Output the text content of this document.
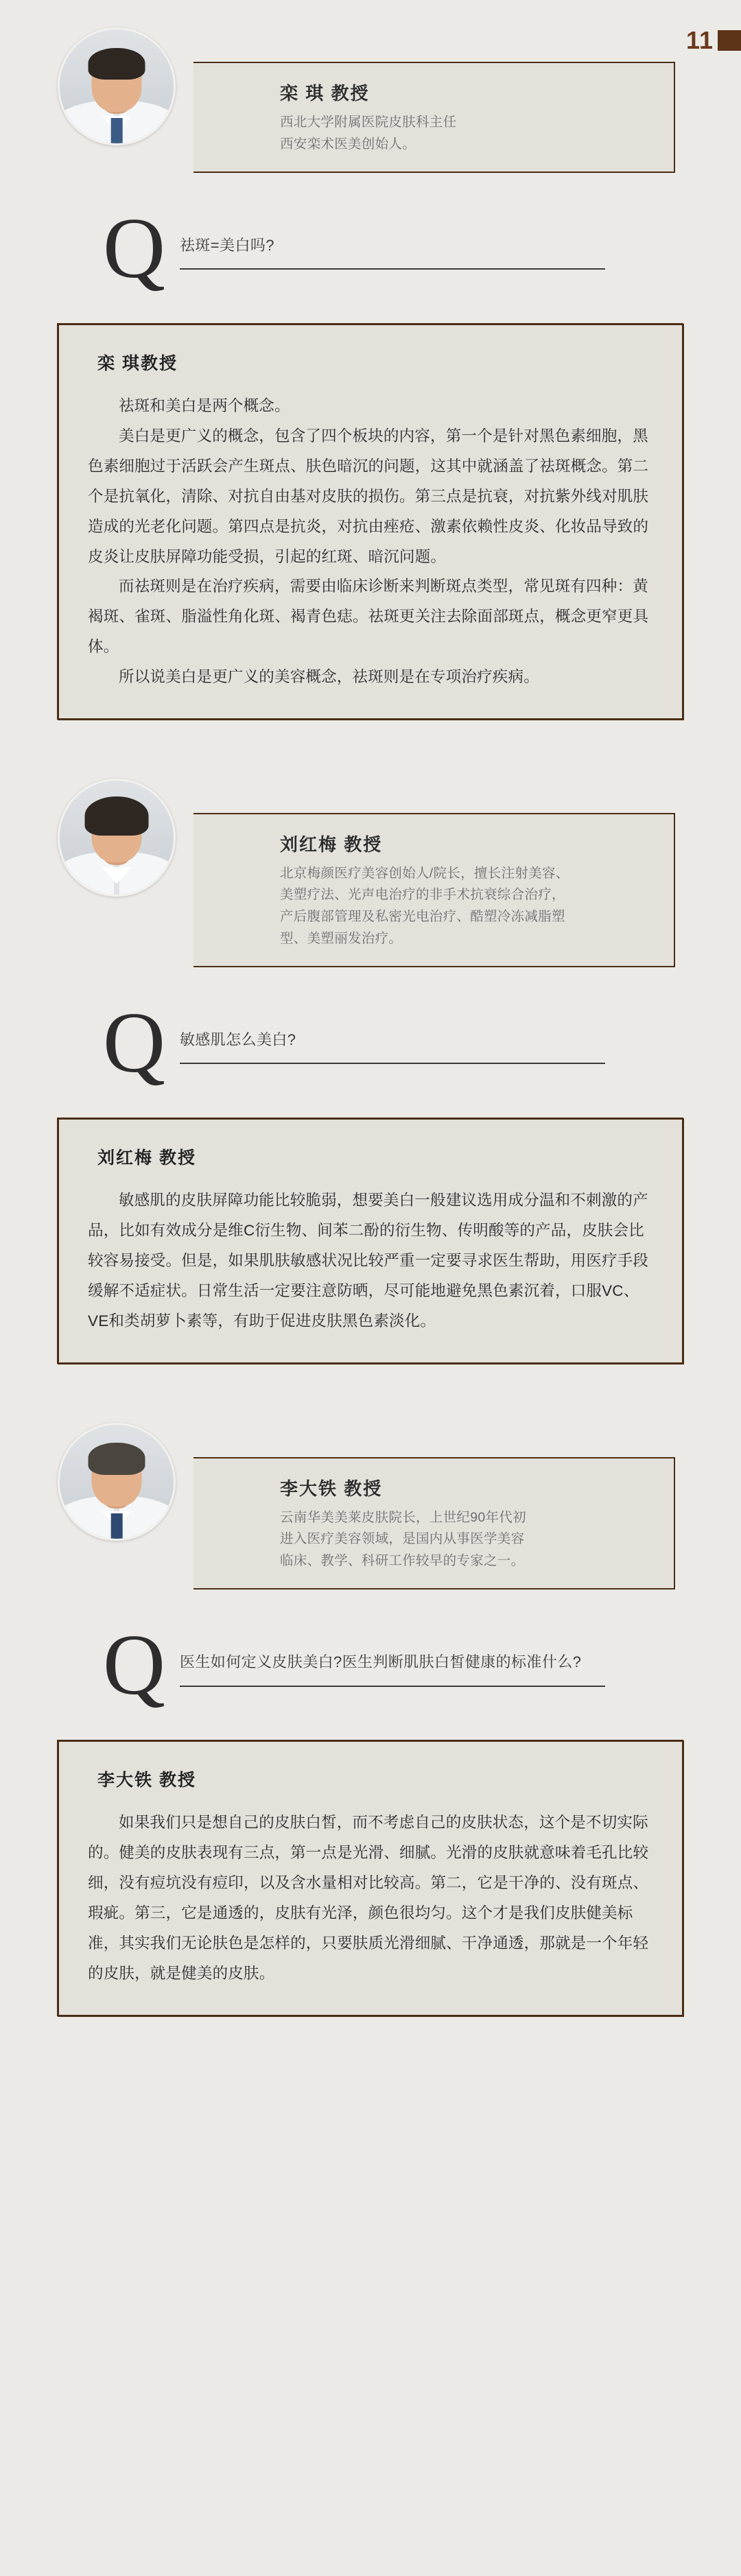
11
栾 琪 教授
西北大学附属医院皮肤科主任
西安栾术医美创始人。
Q 祛斑=美白吗?
栾 琪教授

祛斑和美白是两个概念。

美白是更广义的概念，包含了四个板块的内容，第一个是针对黑色素细胞，黑色素细胞过于活跃会产生斑点、肤色暗沉的问题，这其中就涵盖了祛斑概念。第二个是抗氧化，清除、对抗自由基对皮肤的损伤。第三点是抗衰，对抗紫外线对肌肤造成的光老化问题。第四点是抗炎，对抗由痤疮、激素依赖性皮炎、化妆品导致的皮炎让皮肤屏障功能受损，引起的红斑、暗沉问题。

而祛斑则是在治疗疾病，需要由临床诊断来判断斑点类型，常见斑有四种：黄褐斑、雀斑、脂溢性角化斑、褐青色痣。祛斑更关注去除面部斑点，概念更窄更具体。

所以说美白是更广义的美容概念，祛斑则是在专项治疗疾病。

刘红梅 教授
北京梅颜医疗美容创始人/院长，擅长注射美容、
美塑疗法、光声电治疗的非手术抗衰综合治疗，
产后腹部管理及私密光电治疗、酷塑冷冻减脂塑
型、美塑丽发治疗。
Q 敏感肌怎么美白?
刘红梅 教授

敏感肌的皮肤屏障功能比较脆弱，想要美白一般建议选用成分温和不刺激的产品，比如有效成分是维C衍生物、间苯二酚的衍生物、传明酸等的产品，皮肤会比较容易接受。但是，如果肌肤敏感状况比较严重一定要寻求医生帮助，用医疗手段缓解不适症状。日常生活一定要注意防晒，尽可能地避免黑色素沉着，口服VC、VE和类胡萝卜素等，有助于促进皮肤黑色素淡化。

李大铁 教授
云南华美美莱皮肤院长，上世纪90年代初
进入医疗美容领域，是国内从事医学美容
临床、教学、科研工作较早的专家之一。
Q 医生如何定义皮肤美白?医生判断肌肤白皙健康的标准什么?
李大铁 教授

如果我们只是想自己的皮肤白皙，而不考虑自己的皮肤状态，这个是不切实际的。健美的皮肤表现有三点，第一点是光滑、细腻。光滑的皮肤就意味着毛孔比较细，没有痘坑没有痘印，以及含水量相对比较高。第二，它是干净的、没有斑点、瑕疵。第三，它是通透的，皮肤有光泽，颜色很均匀。这个才是我们皮肤健美标准，其实我们无论肤色是怎样的，只要肤质光滑细腻、干净通透，那就是一个年轻的皮肤，就是健美的皮肤。
